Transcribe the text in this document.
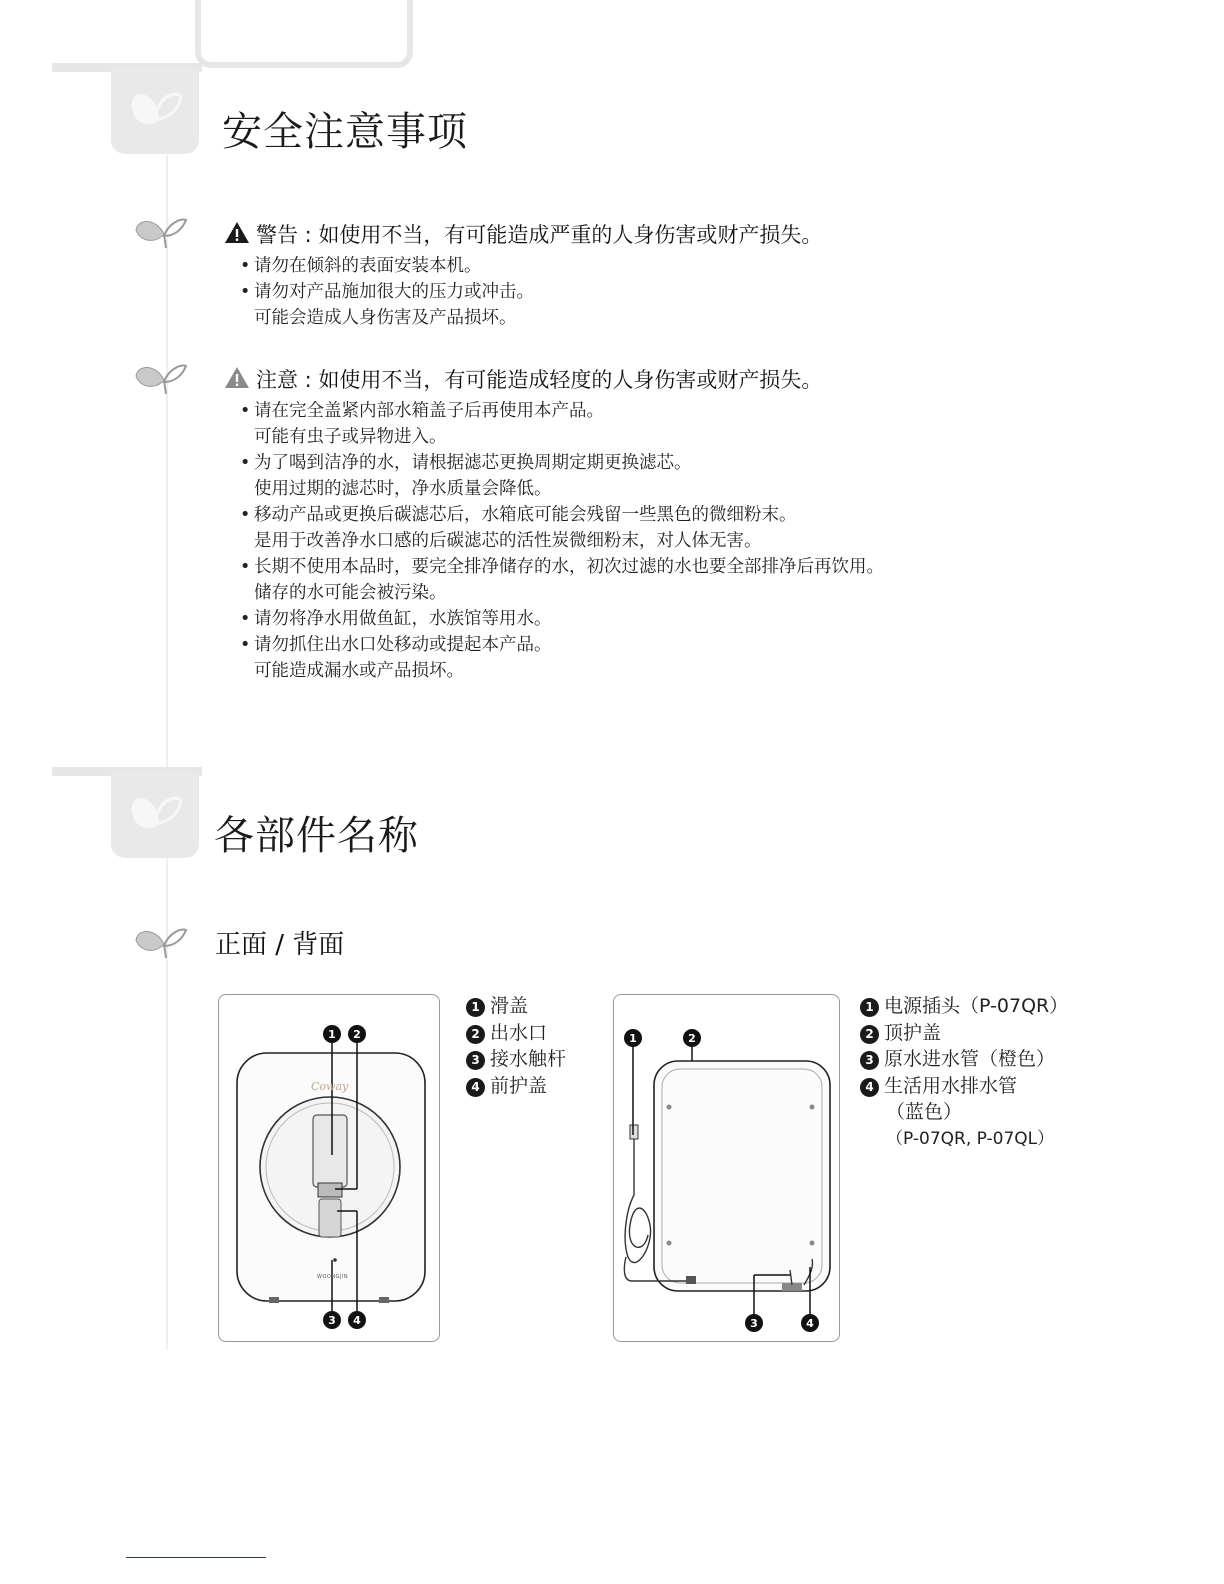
安全注意事项
警告 : 如使用不当，有可能造成严重的人身伤害或财产损失。
• 请勿在倾斜的表面安装本机。
• 请勿对产品施加很大的压力或冲击。
可能会造成人身伤害及产品损坏。
注意 : 如使用不当，有可能造成轻度的人身伤害或财产损失。
• 请在完全盖紧内部水箱盖子后再使用本产品。
可能有虫子或异物进入。
• 为了喝到洁净的水，请根据滤芯更换周期定期更换滤芯。
使用过期的滤芯时，净水质量会降低。
• 移动产品或更换后碳滤芯后，水箱底可能会残留一些黑色的微细粉末。
是用于改善净水口感的后碳滤芯的活性炭微细粉末，对人体无害。
• 长期不使用本品时，要完全排净储存的水，初次过滤的水也要全部排净后再饮用。
储存的水可能会被污染。
• 请勿将净水用做鱼缸，水族馆等用水。
• 请勿抓住出水口处移动或提起本产品。
可能造成漏水或产品损坏。
各部件名称
正面 / 背面
1 2
3 4
Coway
WOONGJIN
1 滑盖
2 出水口
3 接水触杆
4 前护盖
1	2
3	4
1 电源插头（P-07QR）
2 顶护盖
3 原水进水管（橙色）
4 生活用水排水管
（蓝色）
（P-07QR, P-07QL）
